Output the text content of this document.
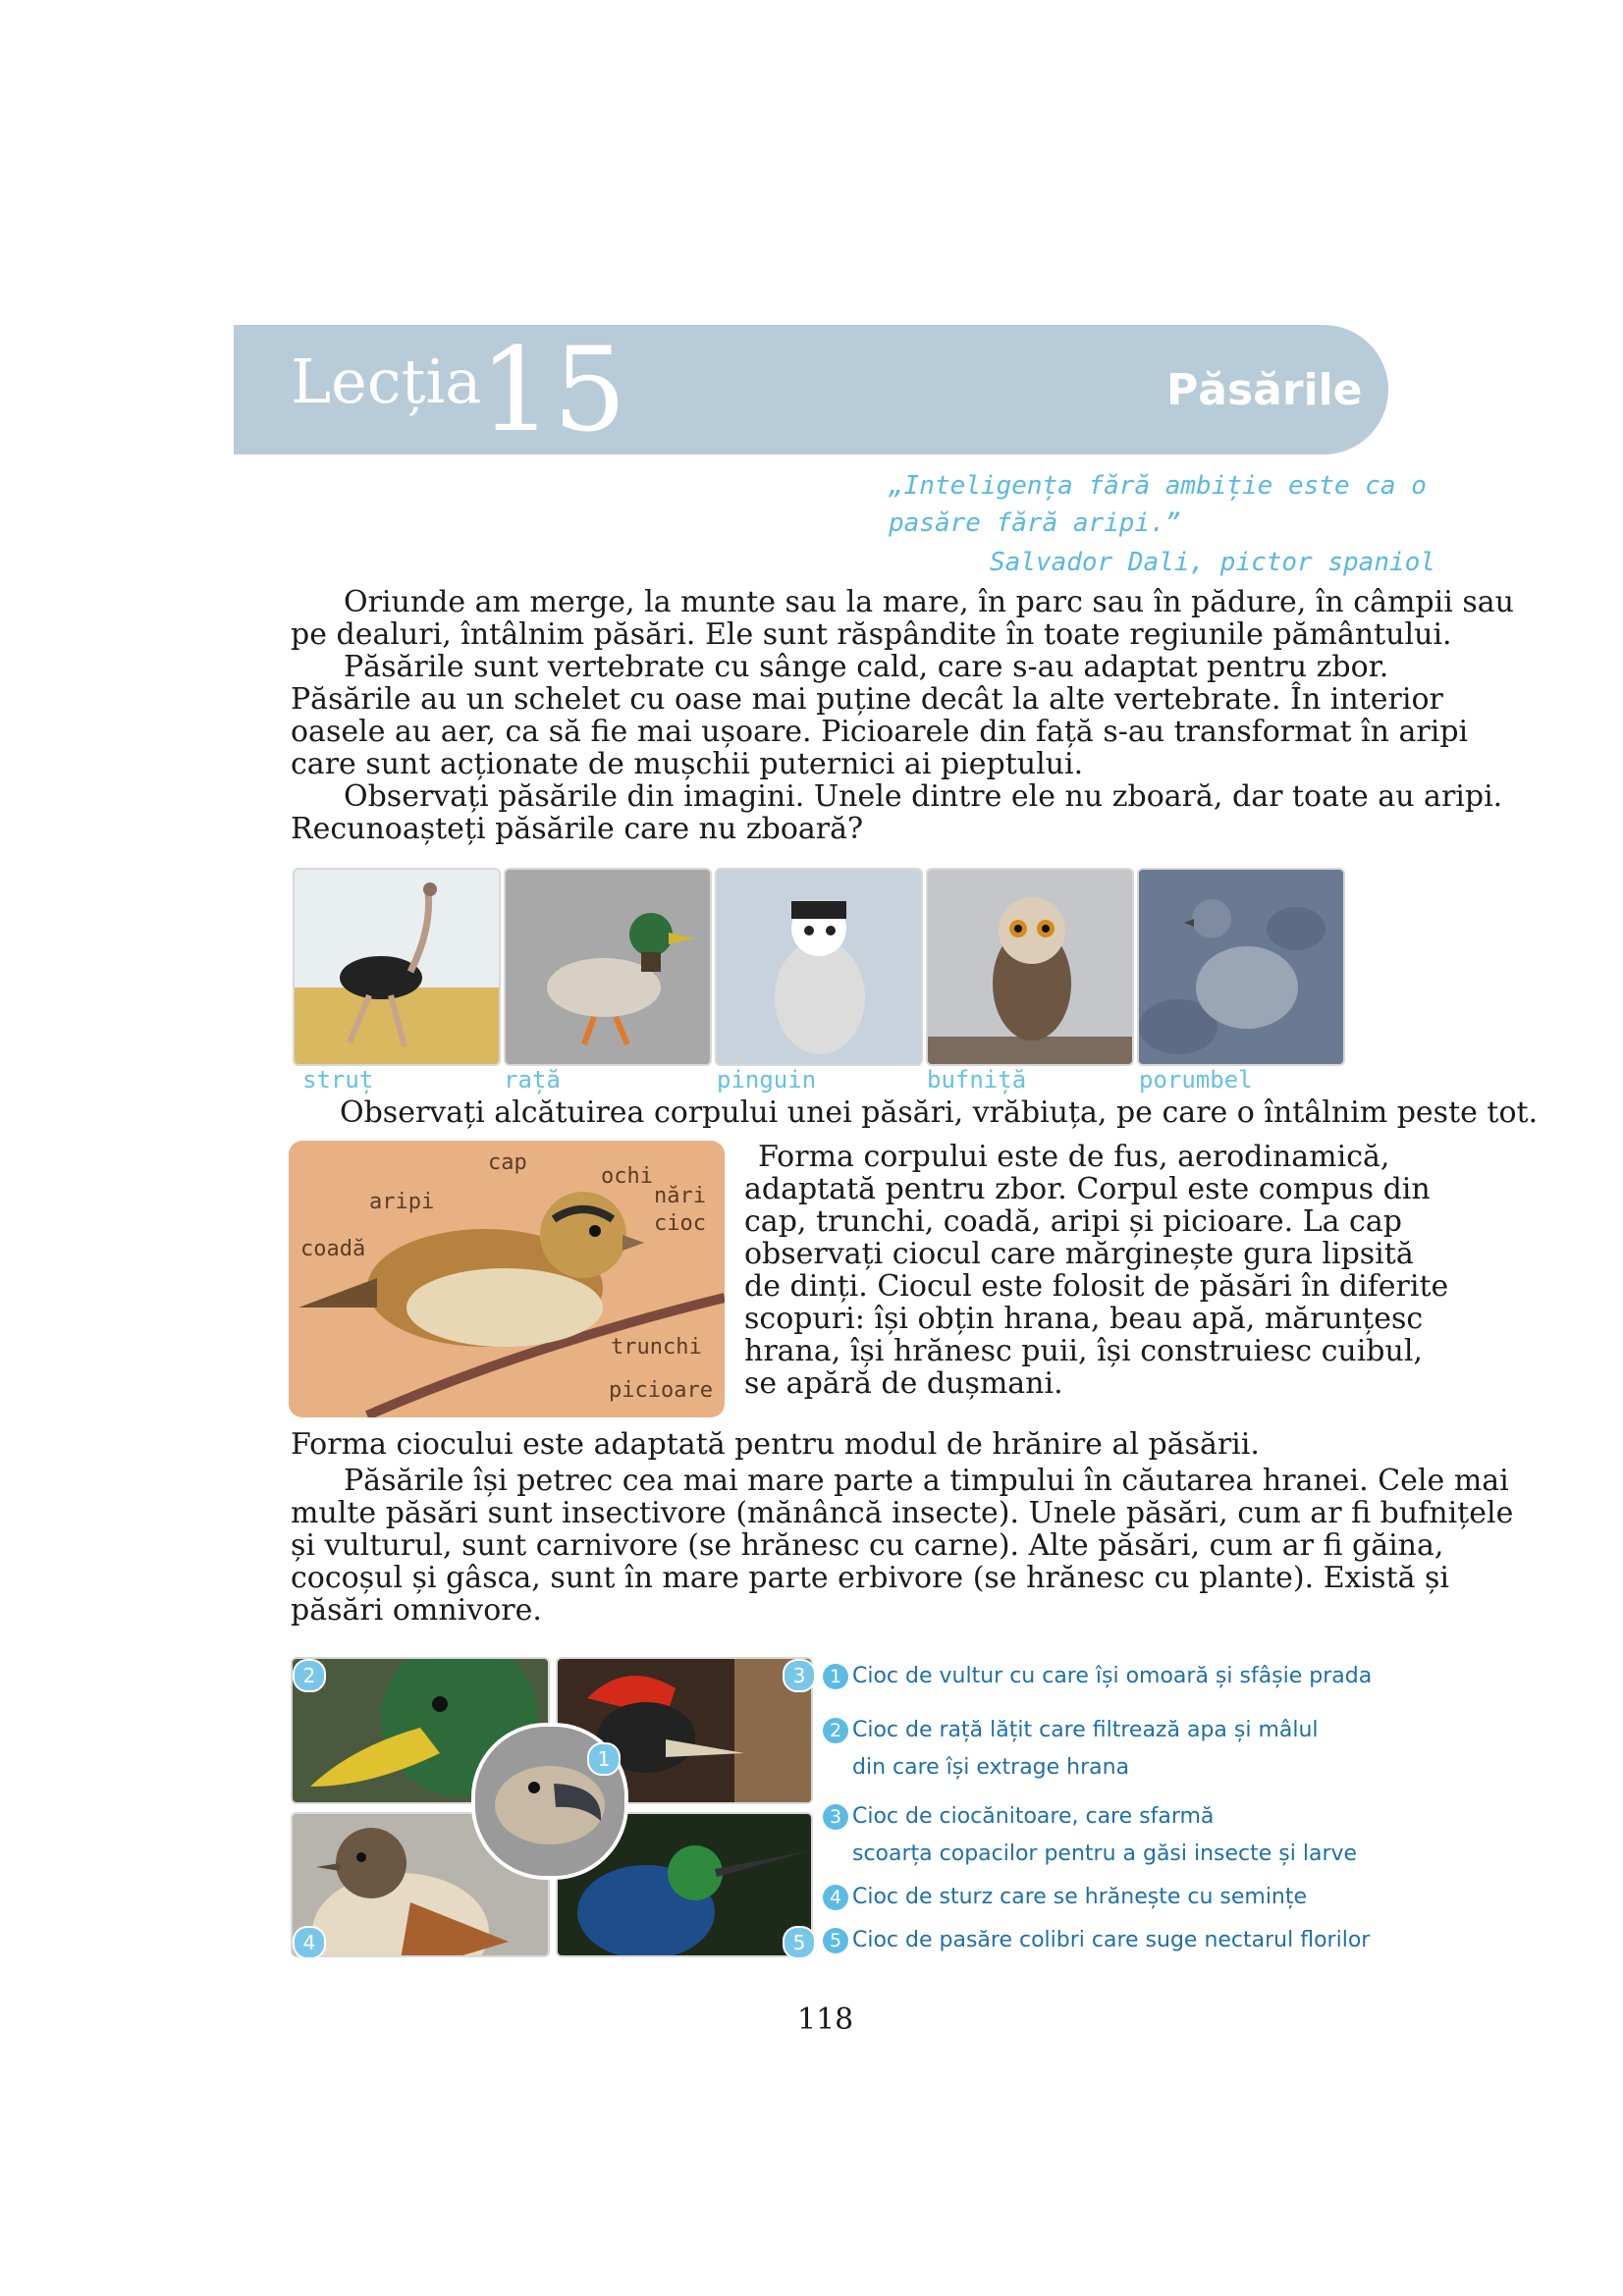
Lecția
15	Păsările
„Inteligența fără ambiție este ca o
pasăre fără aripi.”
Salvador Dali, pictor spaniol
Oriunde am merge, la munte sau la mare, în parc sau în pădure, în câmpii sau
pe dealuri, întâlnim păsări. Ele sunt răspândite în toate regiunile pământului.
Păsările sunt vertebrate cu sânge cald, care s-au adaptat pentru zbor.
Păsările au un schelet cu oase mai puține decât la alte vertebrate. În interior
oasele au aer, ca să fie mai ușoare. Picioarele din față s-au transformat în aripi
care sunt acționate de mușchii puternici ai pieptului.
Observați păsările din imagini. Unele dintre ele nu zboară, dar toate au aripi.
Recunoașteți păsările care nu zboară?
struț	rață	pinguin	bufniță	porumbel
Observați alcătuirea corpului unei păsări, vrăbiuța, pe care o întâlnim peste tot.
cap
ochi
nări
cioc
aripi
coadă
trunchi
picioare
Forma corpului este de fus, aerodinamică,
adaptată pentru zbor. Corpul este compus din
cap, trunchi, coadă, aripi și picioare. La cap
observați ciocul care mărginește gura lipsită
de dinți. Ciocul este folosit de păsări în diferite
scopuri: își obțin hrana, beau apă, mărunțesc
hrana, își hrănesc puii, își construiesc cuibul,
se apără de dușmani.
Forma ciocului este adaptată pentru modul de hrănire al păsării.
Păsările își petrec cea mai mare parte a timpului în căutarea hranei. Cele mai
multe păsări sunt insectivore (mănâncă insecte). Unele păsări, cum ar fi bufnițele
și vulturul, sunt carnivore (se hrănesc cu carne). Alte păsări, cum ar fi găina,
cocoșul și gâsca, sunt în mare parte erbivore (se hrănesc cu plante). Există și
păsări omnivore.
2	3
1
4	5
1 Cioc de vultur cu care își omoară și sfâșie prada
2 Cioc de rață lățit care filtrează apa și mâlul
din care își extrage hrana
3 Cioc de ciocănitoare, care sfarmă
scoarța copacilor pentru a găsi insecte și larve
4 Cioc de sturz care se hrănește cu semințe
5 Cioc de pasăre colibri care suge nectarul florilor
118
